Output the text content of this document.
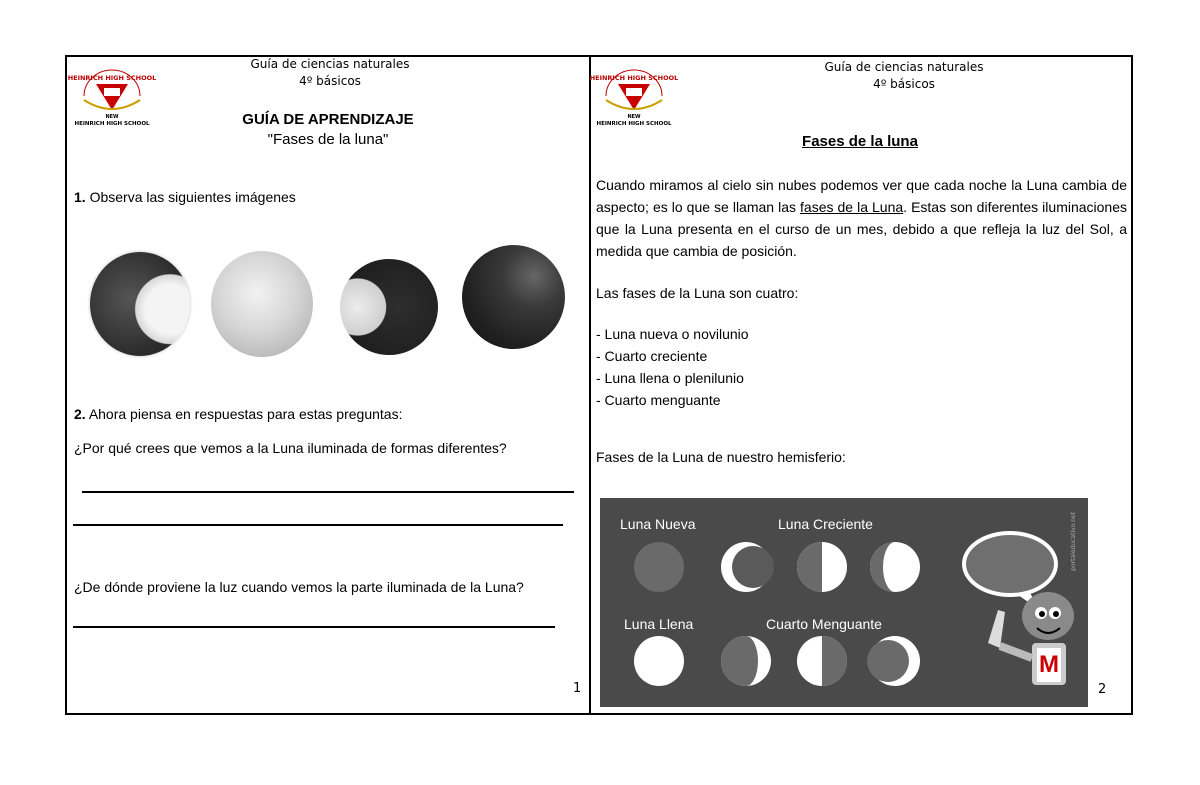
HEINRICH HIGH SCHOOL
NEW
HEINRICH HIGH SCHOOL
Guía de ciencias naturales
4º básicos
GUÍA DE APRENDIZAJE
"Fases de la luna"
1. Observa las siguientes imágenes
2. Ahora piensa en respuestas para estas preguntas:
¿Por qué crees que vemos a la Luna iluminada de formas diferentes?
¿De dónde proviene la luz cuando vemos la parte iluminada de la Luna?
1
HEINRICH HIGH SCHOOL
NEW
HEINRICH HIGH SCHOOL
Guía de ciencias naturales
4º básicos
Fases de la luna
Cuando miramos al cielo sin nubes podemos ver que cada noche la Luna cambia de aspecto; es lo que se llaman las fases de la Luna. Estas son diferentes iluminaciones que la Luna presenta en el curso de un mes, debido a que refleja la luz del Sol, a medida que cambia de posición.
Las fases de la Luna son cuatro:
- Luna nueva o novilunio
- Cuarto creciente
- Luna llena o plenilunio
- Cuarto menguante
Fases de la Luna de nuestro hemisferio:
Luna Nueva	Luna Creciente
Luna Llena	Cuarto Menguante
M
portaleducativo.net
2
